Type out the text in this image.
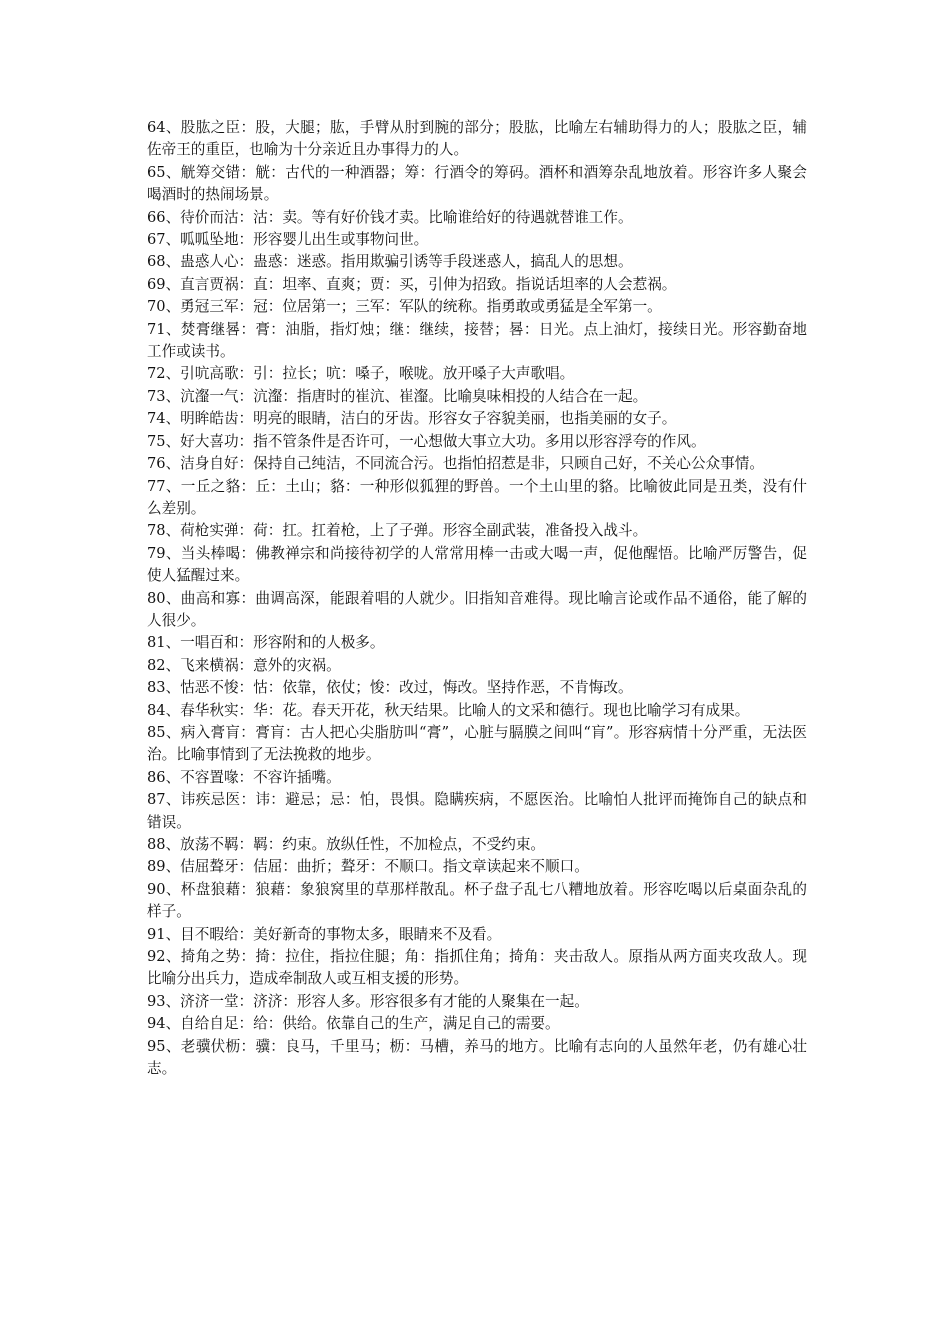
64、股肱之臣：股，大腿；肱，手臂从肘到腕的部分；股肱，比喻左右辅助得力的人；股肱之臣，辅佐帝王的重臣，也喻为十分亲近且办事得力的人。

65、觥筹交错：觥：古代的一种酒器；筹：行酒令的筹码。酒杯和酒筹杂乱地放着。形容许多人聚会喝酒时的热闹场景。

66、待价而沽：沽：卖。等有好价钱才卖。比喻谁给好的待遇就替谁工作。

67、呱呱坠地：形容婴儿出生或事物问世。

68、蛊惑人心：蛊惑：迷惑。指用欺骗引诱等手段迷惑人，搞乱人的思想。

69、直言贾祸：直：坦率、直爽；贾：买，引伸为招致。指说话坦率的人会惹祸。

70、勇冠三军：冠：位居第一；三军：军队的统称。指勇敢或勇猛是全军第一。

71、焚膏继晷：膏：油脂，指灯烛；继：继续，接替；晷：日光。点上油灯，接续日光。形容勤奋地工作或读书。

72、引吭高歌：引：拉长；吭：嗓子，喉咙。放开嗓子大声歌唱。

73、沆瀣一气：沆瀣：指唐时的崔沆、崔瀣。比喻臭味相投的人结合在一起。

74、明眸皓齿：明亮的眼睛，洁白的牙齿。形容女子容貌美丽，也指美丽的女子。

75、好大喜功：指不管条件是否许可，一心想做大事立大功。多用以形容浮夸的作风。

76、洁身自好：保持自己纯洁，不同流合污。也指怕招惹是非，只顾自己好，不关心公众事情。

77、一丘之貉：丘：土山；貉：一种形似狐狸的野兽。一个土山里的貉。比喻彼此同是丑类，没有什么差别。

78、荷枪实弹：荷：扛。扛着枪，上了子弹。形容全副武装，准备投入战斗。

79、当头棒喝：佛教禅宗和尚接待初学的人常常用棒一击或大喝一声，促他醒悟。比喻严厉警告，促使人猛醒过来。

80、曲高和寡：曲调高深，能跟着唱的人就少。旧指知音难得。现比喻言论或作品不通俗，能了解的人很少。

81、一唱百和：形容附和的人极多。

82、飞来横祸：意外的灾祸。

83、怙恶不悛：怙：依靠，依仗；悛：改过，悔改。坚持作恶，不肯悔改。

84、春华秋实：华：花。春天开花，秋天结果。比喻人的文采和德行。现也比喻学习有成果。

85、病入膏肓：膏肓：古人把心尖脂肪叫“膏”，心脏与膈膜之间叫“肓”。形容病情十分严重，无法医治。比喻事情到了无法挽救的地步。

86、不容置喙：不容许插嘴。

87、讳疾忌医：讳：避忌；忌：怕，畏惧。隐瞒疾病，不愿医治。比喻怕人批评而掩饰自己的缺点和错误。

88、放荡不羁：羁：约束。放纵任性，不加检点，不受约束。

89、佶屈聱牙：佶屈：曲折；聱牙：不顺口。指文章读起来不顺口。

90、杯盘狼藉：狼藉：象狼窝里的草那样散乱。杯子盘子乱七八糟地放着。形容吃喝以后桌面杂乱的样子。

91、目不暇给：美好新奇的事物太多，眼睛来不及看。

92、掎角之势：掎：拉住，指拉住腿；角：指抓住角；掎角：夹击敌人。原指从两方面夹攻敌人。现比喻分出兵力，造成牵制敌人或互相支援的形势。

93、济济一堂：济济：形容人多。形容很多有才能的人聚集在一起。

94、自给自足：给：供给。依靠自己的生产，满足自己的需要。

95、老骥伏枥：骥：良马，千里马；枥：马槽，养马的地方。比喻有志向的人虽然年老，仍有雄心壮志。
